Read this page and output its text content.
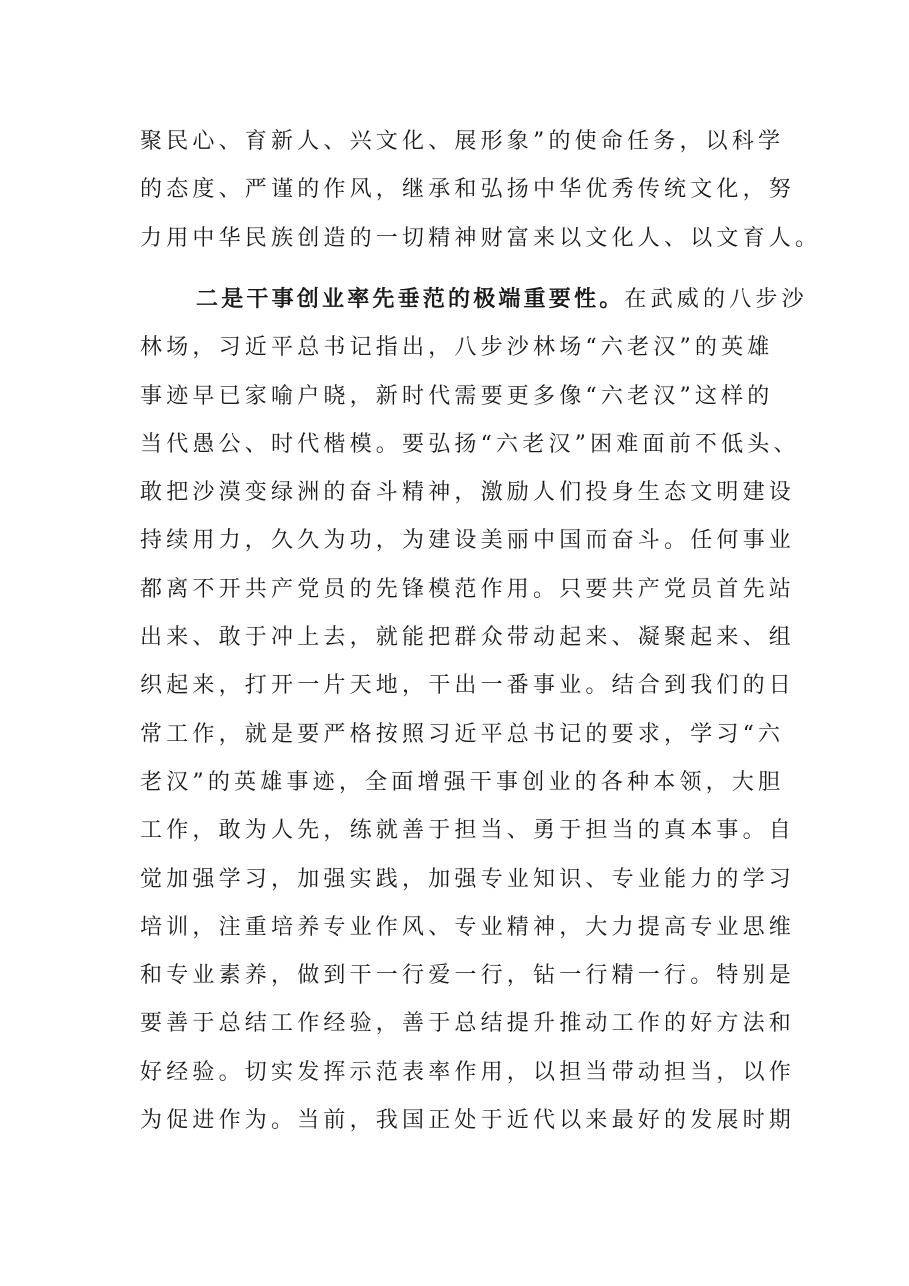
聚民心、育新人、兴文化、展形象”的使命任务，以科学
的态度、严谨的作风，继承和弘扬中华优秀传统文化，努
力用中华民族创造的一切精神财富来以文化人、以文育人。
二是干事创业率先垂范的极端重要性。在武威的八步沙
林场，习近平总书记指出，八步沙林场“六老汉”的英雄
事迹早已家喻户晓，新时代需要更多像“六老汉”这样的
当代愚公、时代楷模。要弘扬“六老汉”困难面前不低头、
敢把沙漠变绿洲的奋斗精神，激励人们投身生态文明建设
持续用力，久久为功，为建设美丽中国而奋斗。任何事业
都离不开共产党员的先锋模范作用。只要共产党员首先站
出来、敢于冲上去，就能把群众带动起来、凝聚起来、组
织起来，打开一片天地，干出一番事业。结合到我们的日
常工作，就是要严格按照习近平总书记的要求，学习“六
老汉”的英雄事迹，全面增强干事创业的各种本领，大胆
工作，敢为人先，练就善于担当、勇于担当的真本事。自
觉加强学习，加强实践，加强专业知识、专业能力的学习
培训，注重培养专业作风、专业精神，大力提高专业思维
和专业素养，做到干一行爱一行，钻一行精一行。特别是
要善于总结工作经验，善于总结提升推动工作的好方法和
好经验。切实发挥示范表率作用，以担当带动担当，以作
为促进作为。当前，我国正处于近代以来最好的发展时期
